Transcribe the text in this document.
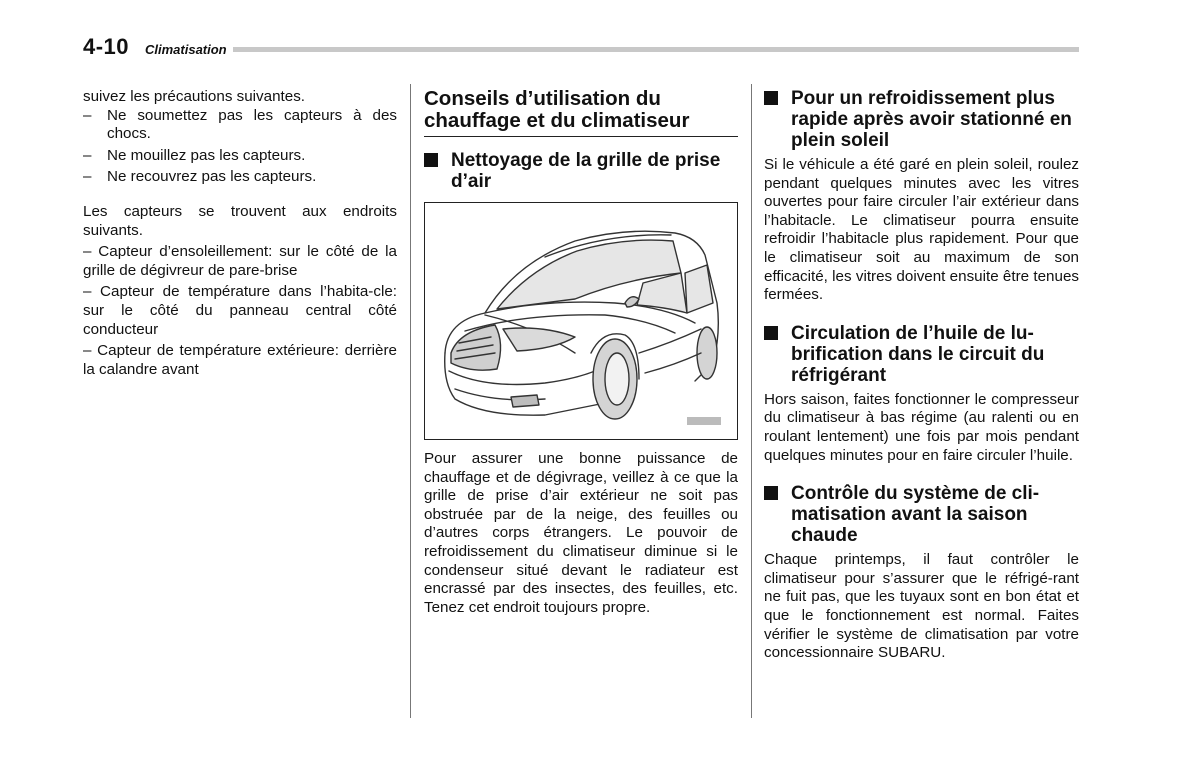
4-10 Climatisation

suivez les précautions suivantes.

–	Ne soumettez pas les capteurs à des chocs.
–	Ne mouillez pas les capteurs.
–	Ne recouvrez pas les capteurs.

Les capteurs se trouvent aux endroits suivants.

– Capteur d’ensoleillement: sur le côté de la grille de dégivreur de pare-brise
– Capteur de température dans l’habita-cle: sur le côté du panneau central côté conducteur
– Capteur de température extérieure: derrière la calandre avant
Conseils d’utilisation du chauffage et du climatiseur
Nettoyage de la grille de prise d’air

Pour assurer une bonne puissance de chauffage et de dégivrage, veillez à ce que la grille de prise d’air extérieur ne soit pas obstruée par de la neige, des feuilles ou d’autres corps étrangers. Le pouvoir de refroidissement du climatiseur diminue si le condenseur situé devant le radiateur est encrassé par des insectes, des feuilles, etc. Tenez cet endroit toujours propre.

Pour un refroidissement plus rapide après avoir stationné en plein soleil

Si le véhicule a été garé en plein soleil, roulez pendant quelques minutes avec les vitres ouvertes pour faire circuler l’air extérieur dans l’habitacle. Le climatiseur pourra ensuite refroidir l’habitacle plus rapidement. Pour que le climatiseur soit au maximum de son efficacité, les vitres doivent ensuite être tenues fermées.

Circulation de l’huile de lu-brification dans le circuit du réfrigérant

Hors saison, faites fonctionner le compresseur du climatiseur à bas régime (au ralenti ou en roulant lentement) une fois par mois pendant quelques minutes pour en faire circuler l’huile.

Contrôle du système de cli-matisation avant la saison chaude

Chaque printemps, il faut contrôler le climatiseur pour s’assurer que le réfrigé-rant ne fuit pas, que les tuyaux sont en bon état et que le fonctionnement est normal. Faites vérifier le système de climatisation par votre concessionnaire SUBARU.
